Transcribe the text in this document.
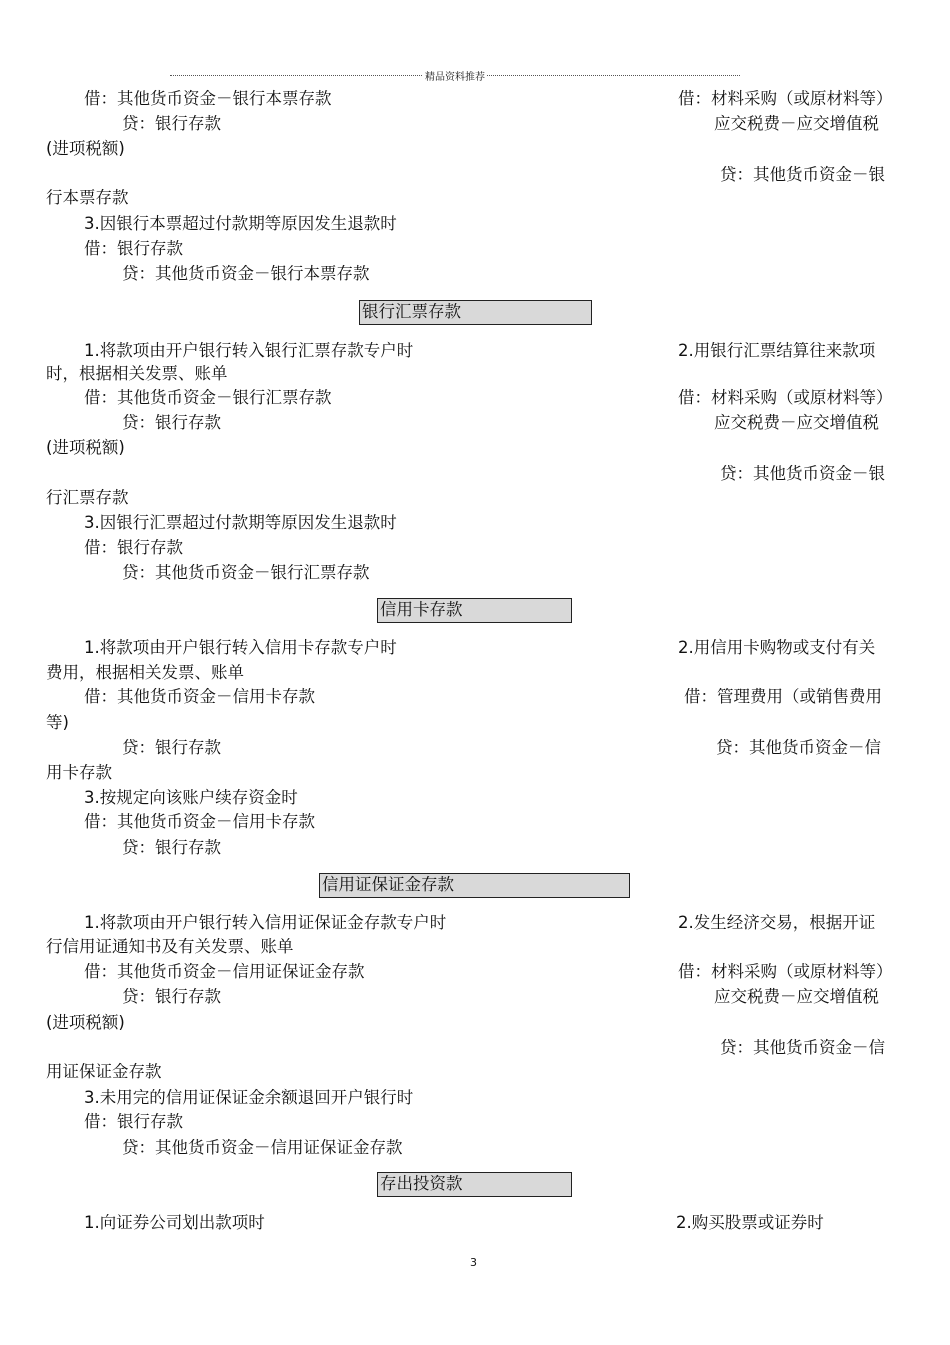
精品资料推荐
借：其他货币资金－银行本票存款	借：材料采购（或原材料等）
贷：银行存款	应交税费－应交增值税
(进项税额)
贷：其他货币资金－银
行本票存款
3.因银行本票超过付款期等原因发生退款时
借：银行存款
贷：其他货币资金－银行本票存款
银行汇票存款
1.将款项由开户银行转入银行汇票存款专户时	2.用银行汇票结算往来款项
时，根据相关发票、账单
借：其他货币资金－银行汇票存款	借：材料采购（或原材料等）
贷：银行存款	应交税费－应交增值税
(进项税额)
贷：其他货币资金－银
行汇票存款
3.因银行汇票超过付款期等原因发生退款时
借：银行存款
贷：其他货币资金－银行汇票存款
信用卡存款
1.将款项由开户银行转入信用卡存款专户时	2.用信用卡购物或支付有关
费用，根据相关发票、账单
借：其他货币资金－信用卡存款	借：管理费用（或销售费用
等)
贷：银行存款	贷：其他货币资金－信
用卡存款
3.按规定向该账户续存资金时
借：其他货币资金－信用卡存款
贷：银行存款
信用证保证金存款
1.将款项由开户银行转入信用证保证金存款专户时	2.发生经济交易，根据开证
行信用证通知书及有关发票、账单
借：其他货币资金－信用证保证金存款	借：材料采购（或原材料等）
贷：银行存款	应交税费－应交增值税
(进项税额)
贷：其他货币资金－信
用证保证金存款
3.未用完的信用证保证金余额退回开户银行时
借：银行存款
贷：其他货币资金－信用证保证金存款
存出投资款
1.向证券公司划出款项时	2.购买股票或证券时
3
